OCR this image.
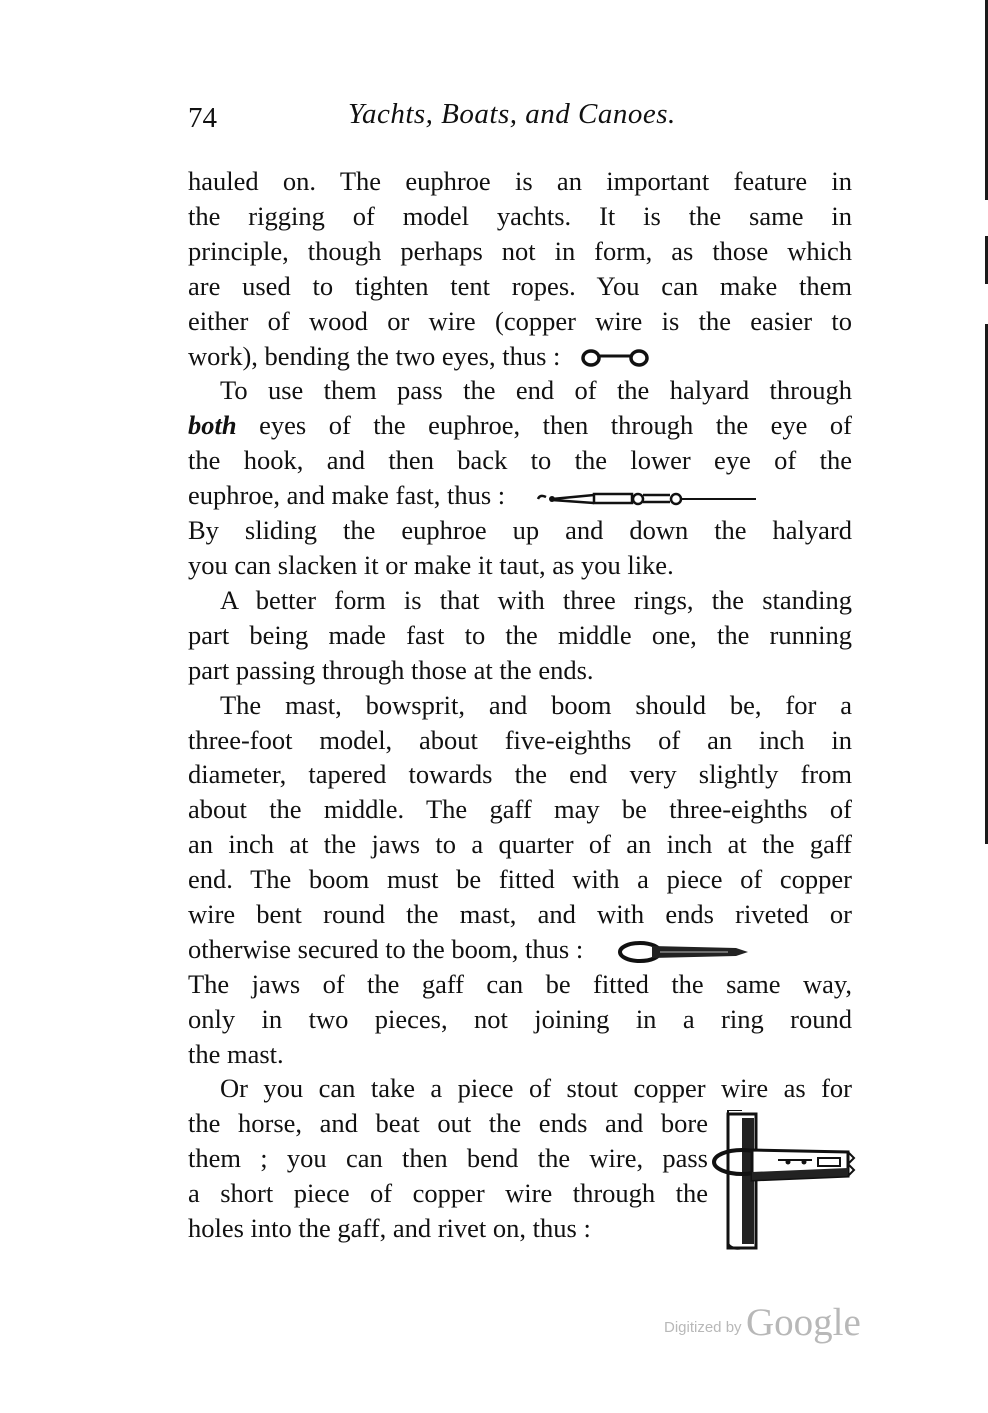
74	Yachts, Boats, and Canoes.

hauled on. The euphroe is an important feature in

the rigging of model yachts. It is the same in

principle, though perhaps not in form, as those which

are used to tighten tent ropes. You can make them

either of wood or wire (copper wire is the easier to

work), bending the two eyes, thus :

To use them pass the end of the halyard through

both eyes of the euphroe, then through the eye of

the hook, and then back to the lower eye of the

euphroe, and make fast, thus :

By sliding the euphroe up and down the halyard

you can slacken it or make it taut, as you like.

A better form is that with three rings, the standing

part being made fast to the middle one, the running

part passing through those at the ends.

The mast, bowsprit, and boom should be, for a

three-foot model, about five-eighths of an inch in

diameter, tapered towards the end very slightly from

about the middle. The gaff may be three-eighths of

an inch at the jaws to a quarter of an inch at the gaff

end. The boom must be fitted with a piece of copper

wire bent round the mast, and with ends riveted or

otherwise secured to the boom, thus :

The jaws of the gaff can be fitted the same way,

only in two pieces, not joining in a ring round

the mast.

Or you can take a piece of stout copper wire as for

the horse, and beat out the ends and bore

them ; you can then bend the wire, pass

a short piece of copper wire through the

holes into the gaff, and rivet on, thus :

Digitized by Google
